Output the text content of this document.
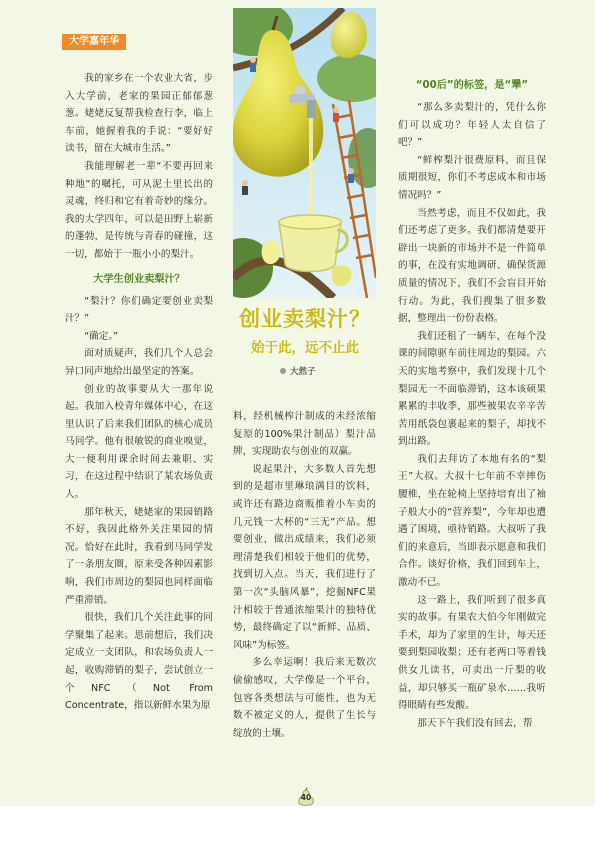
大学嘉年华

我的家乡在一个农业大省，步入大学前，老家的果园正郁郁葱葱。姥姥反复帮我检查行李，临上车前，她握着我的手说：“要好好读书，留在大城市生活。”

我能理解老一辈“不要再回来种地”的嘱托，可从泥土里长出的灵魂，终归和它有着奇妙的缘分。我的大学四年，可以是田野上崭新的蓬勃，是传统与青春的碰撞，这一切，都始于一瓶小小的梨汁。

大学生创业卖梨汁？

“梨汁？你们确定要创业卖梨汁？”

“确定。”

面对质疑声，我们几个人总会异口同声地给出最坚定的答案。

创业的故事要从大一那年说起。我加入校青年媒体中心，在这里认识了后来我们团队的核心成员马同学。他有很敏锐的商业嗅觉，大一便利用课余时间去兼职、实习，在这过程中结识了某农场负责人。

那年秋天，姥姥家的果园销路不好，我因此格外关注果园的情况。恰好在此时，我看到马同学发了一条朋友圈，原来受各种因素影响，我们市周边的梨园也同样面临严重滞销。

很快，我们几个关注此事的同学聚集了起来。思前想后，我们决定成立一支团队，和农场负责人一起，收购滞销的梨子，尝试创立一个NFC（Not From Concentrate，指以新鲜水果为原

创业卖梨汁？
始于此，远不止此
大然子

料，经机械榨汁制成的未经浓缩复原的100%果汁制品）梨汁品牌，实现助农与创业的双赢。

说起果汁，大多数人首先想到的是超市里琳琅满目的饮料，或许还有路边商贩推着小车卖的几元钱一大杯的“三无”产品。想要创业，做出成绩来，我们必须理清楚我们相较于他们的优势，找到切入点。当天，我们进行了第一次“头脑风暴”，挖掘NFC果汁相较于普通浓缩果汁的独特优势，最终确定了以“新鲜、品质、风味”为标签。

多么幸运啊！我后来无数次偷偷感叹，大学像是一个平台，包容各类想法与可能性，也为无数不被定义的人，提供了生长与绽放的土壤。

“00后”的标签，是“犟”

“那么多卖梨汁的，凭什么你们可以成功？年轻人太自信了吧？”

“鲜榨梨汁很费原料，而且保质期很短，你们不考虑成本和市场情况吗？”

当然考虑，而且不仅如此，我们还考虑了更多。我们都清楚要开辟出一块新的市场并不是一件简单的事，在没有实地调研、确保货源质量的情况下，我们不会盲目开始行动。为此，我们搜集了很多数据，整理出一份份表格。

我们还租了一辆车，在每个没课的间隙驱车前往周边的梨园。六天的实地考察中，我们发现十几个梨园无一不面临滞销，这本该硕果累累的丰收季，那些被果农辛辛苦苦用纸袋包裹起来的梨子，却找不到出路。

我们去拜访了本地有名的“梨王”大叔。大叔十七年前不幸摔伤腰椎，坐在轮椅上坚持培育出了袖子般大小的“营养梨”，今年却也遭遇了困境，亟待销路。大叔听了我们的来意后，当即表示愿意和我们合作。谈好价格，我们回到车上，激动不已。

这一路上，我们听到了很多真实的故事。有果农大伯今年刚做完手术，却为了家里的生计，每天还要到梨园收梨；还有老两口等着钱供女儿读书，可卖出一斤梨的收益，却只够买一瓶矿泉水……我听得眼睛有些发酸。

那天下午我们没有回去，帮

40
